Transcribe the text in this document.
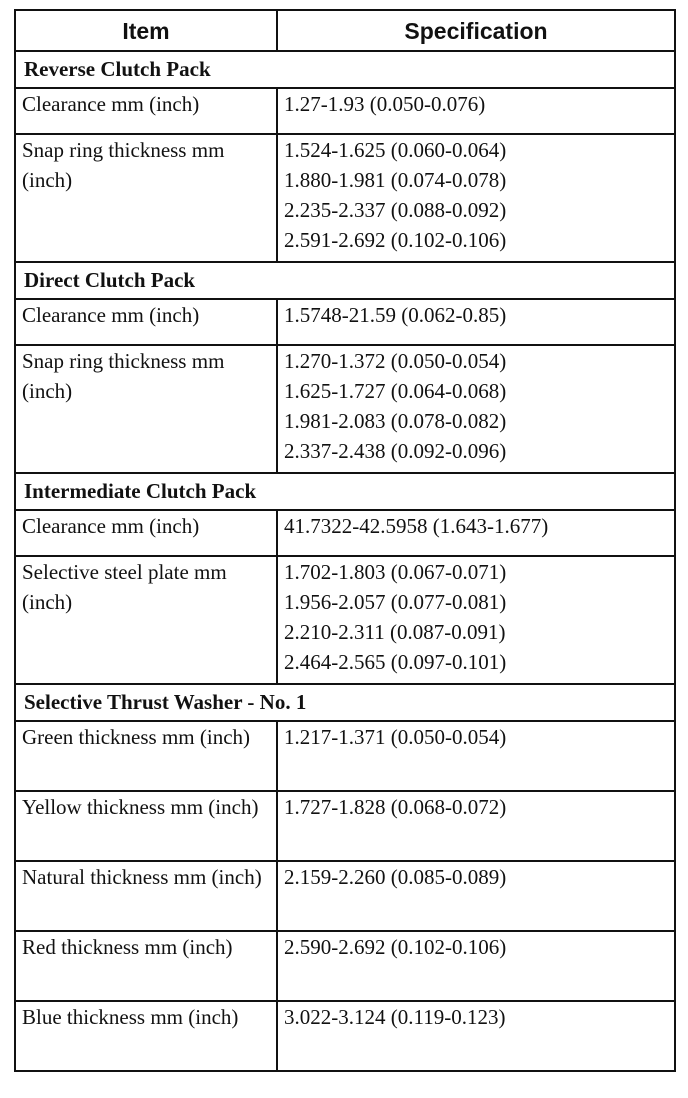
Item	Specification
Reverse Clutch Pack	
Clearance mm (inch)	1.27-1.93 (0.050-0.076)

Snap ring thickness mm (inch)	1.524-1.625 (0.060-0.064)
1.880-1.981 (0.074-0.078)
2.235-2.337 (0.088-0.092)
2.591-2.692 (0.102-0.106)

Direct Clutch Pack	
Clearance mm (inch)	1.5748-21.59 (0.062-0.85)

Snap ring thickness mm (inch)	1.270-1.372 (0.050-0.054)
1.625-1.727 (0.064-0.068)
1.981-2.083 (0.078-0.082)
2.337-2.438 (0.092-0.096)

Intermediate Clutch Pack	
Clearance mm (inch)	41.7322-42.5958 (1.643-1.677)

Selective steel plate mm (inch)	1.702-1.803 (0.067-0.071)
1.956-2.057 (0.077-0.081)
2.210-2.311 (0.087-0.091)
2.464-2.565 (0.097-0.101)

Selective Thrust Washer - No. 1	
Green thickness mm (inch)	1.217-1.371 (0.050-0.054)

Yellow thickness mm (inch)	1.727-1.828 (0.068-0.072)

Natural thickness mm (inch)	2.159-2.260 (0.085-0.089)

Red thickness mm (inch)	2.590-2.692 (0.102-0.106)

Blue thickness mm (inch)	3.022-3.124 (0.119-0.123)
